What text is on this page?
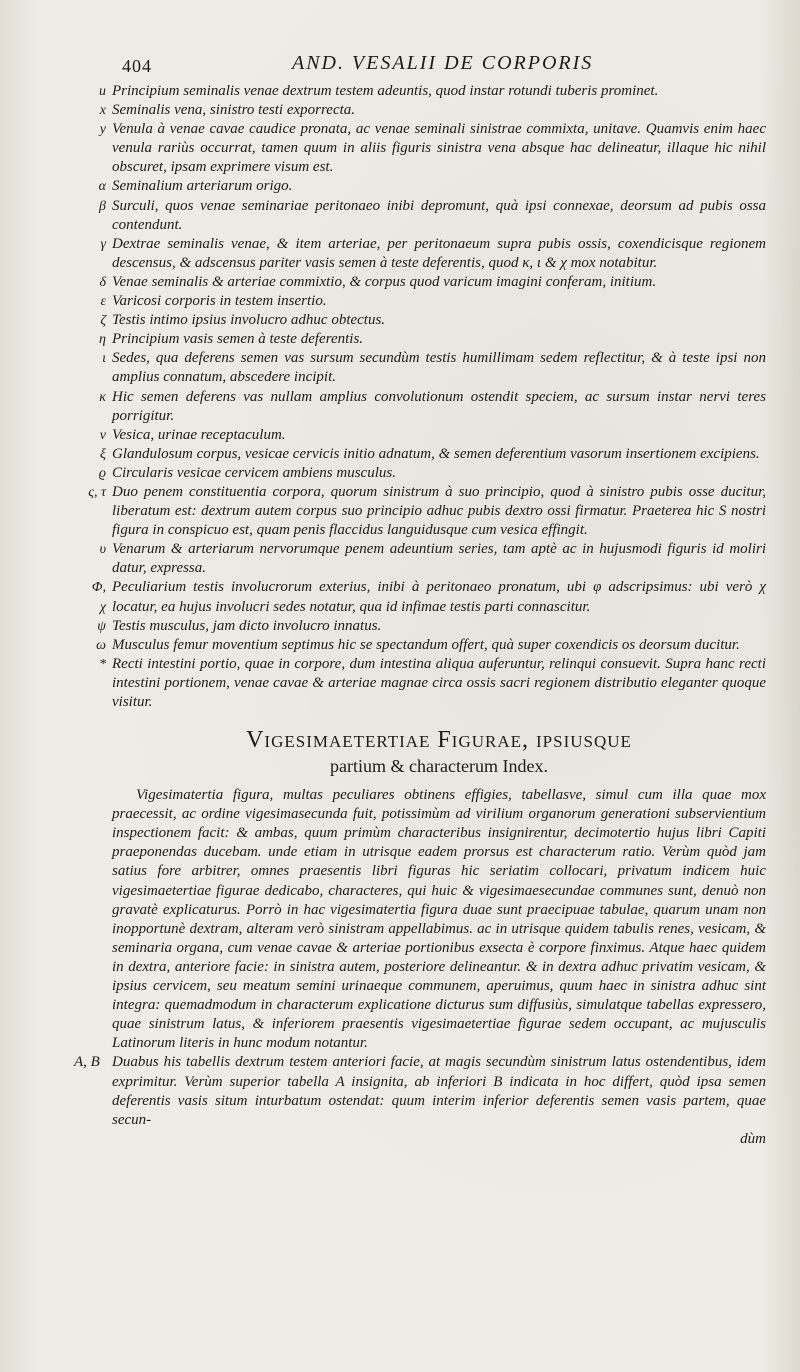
404	AND. VESALII DE CORPORIS
u Principium seminalis venae dextrum testem adeuntis, quod instar rotundi tuberis prominet.
x Seminalis vena, sinistro testi exporrecta.
y Venula à venae cavae caudice pronata, ac venae seminali sinistrae commixta, unitave. Quamvis enim haec venula rariùs occurrat, tamen quum in aliis figuris sinistra vena absque hac delineatur, illaque hic nihil obscuret, ipsam exprimere visum est.
α Seminalium arteriarum origo.
β Surculi, quos venae seminariae peritonaeo inibi depromunt, quà ipsi connexae, deorsum ad pubis ossa contendunt.
γ Dextrae seminalis venae, & item arteriae, per peritonaeum supra pubis ossis, coxendicisque regionem descensus, & adscensus pariter vasis semen à teste deferentis, quod κ, ι & χ mox notabitur.
δ Venae seminalis & arteriae commixtio, & corpus quod varicum imagini conferam, initium.
ε Varicosi corporis in testem insertio.
ζ Testis intimo ipsius involucro adhuc obtectus.
η Principium vasis semen à teste deferentis.
ι Sedes, qua deferens semen vas sursum secundùm testis humillimam sedem reflectitur, & à teste ipsi non amplius connatum, abscedere incipit.
κ Hic semen deferens vas nullam amplius convolutionum ostendit speciem, ac sursum instar nervi teres porrigitur.
ν Vesica, urinae receptaculum.
ξ Glandulosum corpus, vesicae cervicis initio adnatum, & semen deferentium vasorum insertionem excipiens.
ϱ Circularis vesicae cervicem ambiens musculus.
ς, τ Duo penem constituentia corpora, quorum sinistrum à suo principio, quod à sinistro pubis osse ducitur, liberatum est: dextrum autem corpus suo principio adhuc pubis dextro ossi firmatur. Praeterea hic S nostri figura in conspicuo est, quam penis flaccidus languidusque cum vesica effingit.
υ Venarum & arteriarum nervorumque penem adeuntium series, tam aptè ac in hujusmodi figuris id moliri datur, expressa.
Φ, χ
Peculiarium testis involucrorum exterius, inibi à peritonaeo pronatum, ubi φ adscripsimus: ubi verò χ locatur, ea hujus involucri sedes notatur, qua id infimae testis parti connascitur.
ψ Testis musculus, jam dicto involucro innatus.
ω Musculus femur moventium septimus hic se spectandum offert, quà super coxendicis os deorsum ducitur.
* Recti intestini portio, quae in corpore, dum intestina aliqua auferuntur, relinqui consuevit. Supra hanc recti intestini portionem, venae cavae & arteriae magnae circa ossis sacri regionem distributio eleganter quoque visitur.
Vigesimaetertiae Figurae, ipsiusque
partium & characterum Index.

Vigesimatertia figura, multas peculiares obtinens effigies, tabellasve, simul cum illa quae mox praecessit, ac ordine vigesimasecunda fuit, potissimùm ad virilium organorum generationi subservientium inspectionem facit: & ambas, quum primùm characteribus insignirentur, decimotertio hujus libri Capiti praeponendas ducebam. unde etiam in utrisque eadem prorsus est characterum ratio. Verùm quòd jam satius fore arbitrer, omnes praesentis libri figuras hic seriatim collocari, privatum indicem huic vigesimaetertiae figurae dedicabo, characteres, qui huic & vigesimaesecundae communes sunt, denuò non gravatè explicaturus. Porrò in hac vigesimatertia figura duae sunt praecipuae tabulae, quarum unam non inopportunè dextram, alteram verò sinistram appellabimus. ac in utrisque quidem tabulis renes, vesicam, & seminaria organa, cum venae cavae & arteriae portionibus exsecta è corpore finximus. Atque haec quidem in dextra, anteriore facie: in sinistra autem, posteriore delineantur. & in dextra adhuc privatim vesicam, & ipsius cervicem, seu meatum semini urinaeque communem, aperuimus, quum haec in sinistra adhuc sint integra: quemadmodum in characterum explicatione dicturus sum diffusiùs, simulatque tabellas expressero, quae sinistrum latus, & inferiorem praesentis vigesimaetertiae figurae sedem occupant, ac mujusculis Latinorum literis in hunc modum notantur.

A, B Duabus his tabellis dextrum testem anteriori facie, at magis secundùm sinistrum latus ostendentibus, idem exprimitur. Verùm superior tabella A insignita, ab inferiori B indicata in hoc differt, quòd ipsa semen deferentis vasis situm inturbatum ostendat: quum interim inferior deferentis semen vasis partem, quae secun-
dùm
